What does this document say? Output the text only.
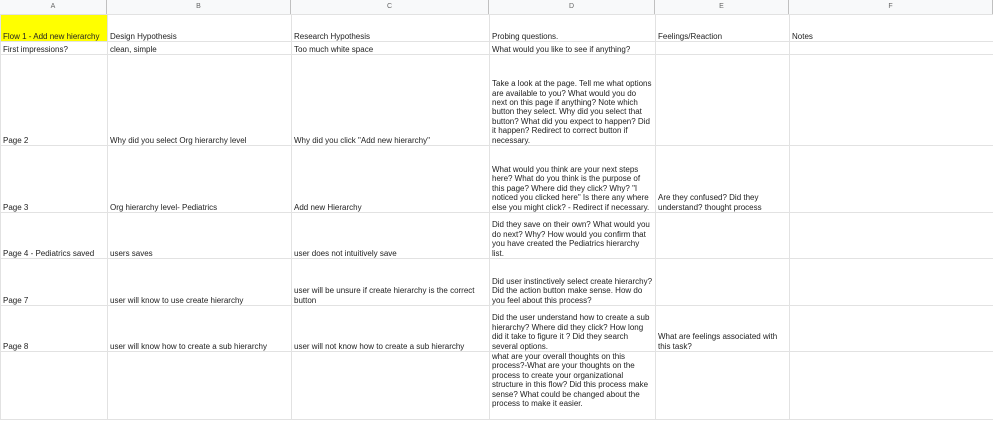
A	B	C	D	E	F
Flow 1 - Add new hierarchy	Design Hypothesis	Research Hypothesis	Probing questions.	Feelings/Reaction	Notes
First impressions?	clean, simple	Too much white space	What would you like to see if anything?		
Page 2	Why did you select Org hierarchy level	Why did you click "Add new hierarchy"	Take a look at the page. Tell me what options are available to you? What would you do next on this page if anything? Note which button they select. Why did you select that button? What did you expect to happen? Did it happen? Redirect to correct button if necessary.		
Page 3	Org hierarchy level- Pediatrics	Add new Hierarchy	What would you think are your next steps here? What do you think is the purpose of this page? Where did they click? Why? "I noticed you clicked here" Is there any where else you might click? - Redirect if necessary.	Are they confused? Did they understand? thought process	
Page 4 - Pediatrics saved	users saves	user does not intuitively save	Did they save on their own? What would you do next? Why? How would you confirm that you have created the Pediatrics hierarchy list.		
Page 7	user will know to use create hierarchy	user will be unsure if create hierarchy is the correct button	Did user instinctively select create hierarchy? Did the action button make sense. How do you feel about this process?		
Page 8	user will know how to create a sub hierarchy	user will not know how to create a sub hierarchy	Did the user understand how to create a sub hierarchy? Where did they click? How long did it take to figure it ? Did they search several options.	What are feelings associated with this task?	
			what are your overall thoughts on this process?-What are your thoughts on the process to create your organizational structure in this flow? Did this process make sense? What could be changed about the process to make it easier.		
